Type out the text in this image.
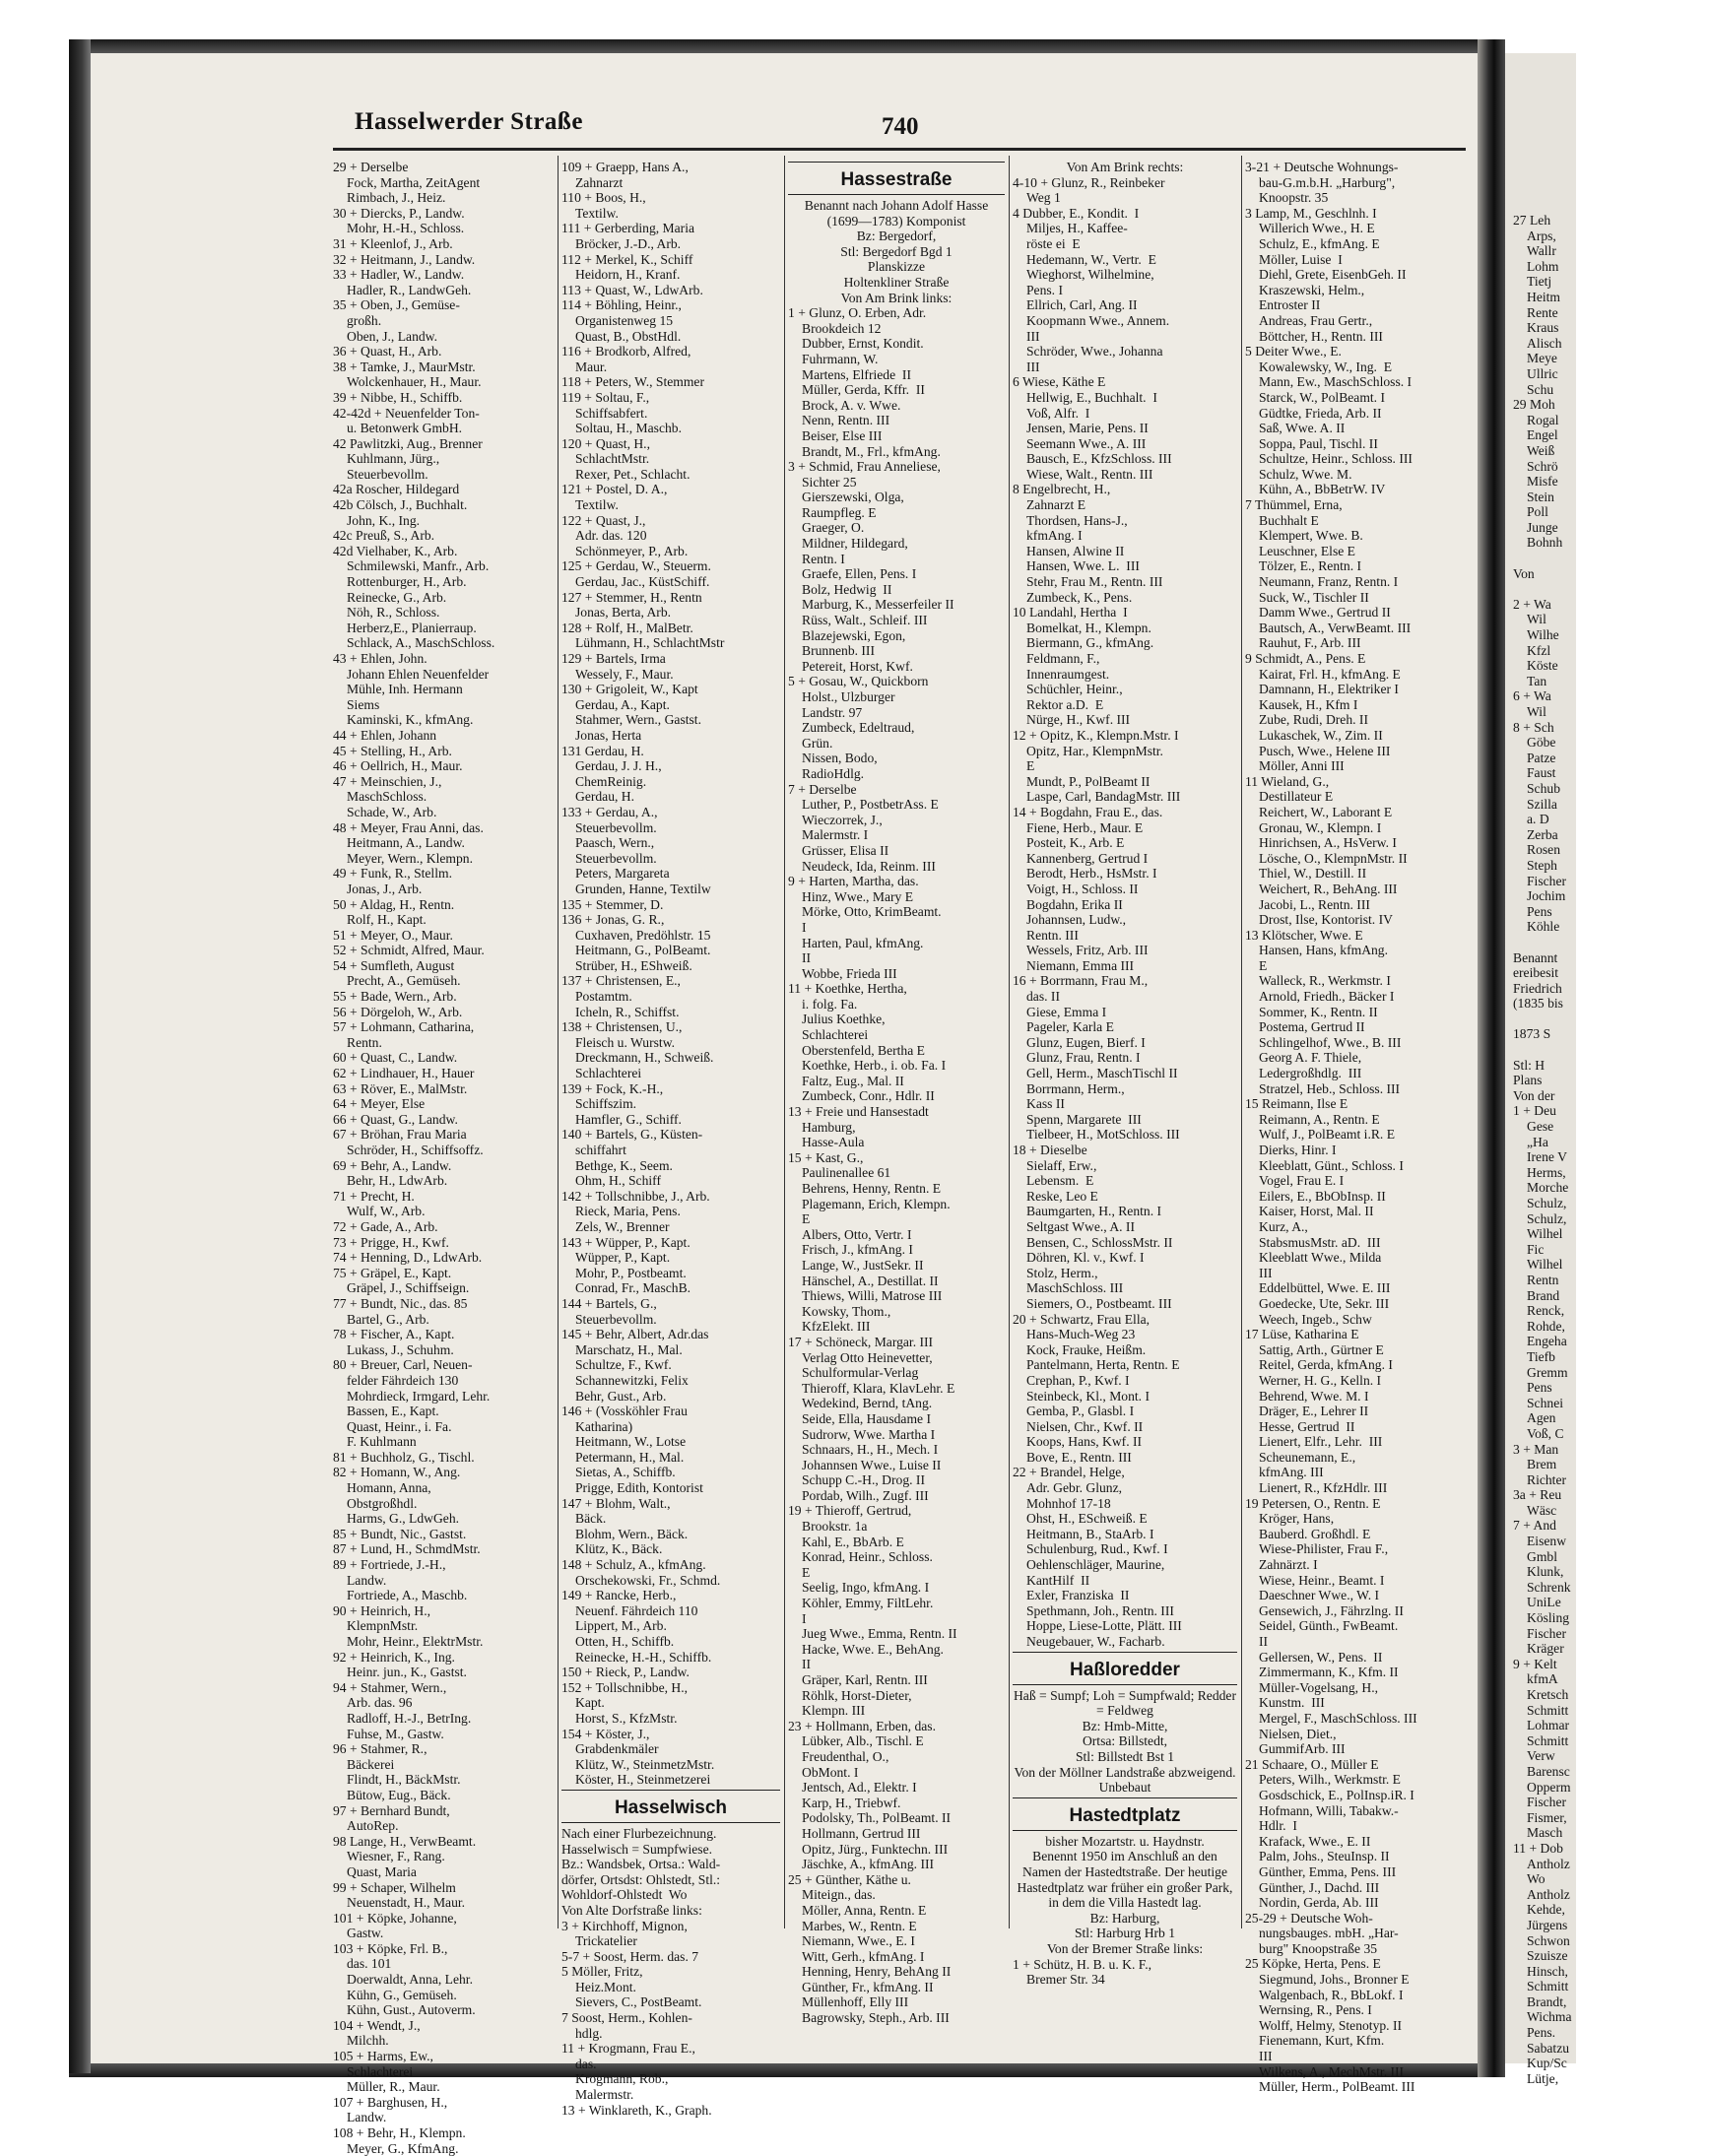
27 Leh
Arps,
Wallr
Lohm
Tietj
Heitm
Rente
Kraus
Alisch
Meye
Ullric
Schu
29 Moh
Rogal
Engel
Weiß
Schrö
Misfe
Stein
Poll
Junge
Bohnh

Von

2 + Wa
Wil
Wilhe
Kfzl
Köste
Tan
6 + Wa
Wil
8 + Sch
Göbe
Patze
Faust
Schub
Szilla
a. D
Zerba
Rosen
Steph
Fischer
Jochim
Pens
Köhle

Benannt
ereibesit
Friedrich
(1835 bis

1873 S

Stl: H
Plans
Von der
1 + Deu
Gese
„Ha
Irene V
Herms,
Morche
Schulz,
Schulz,
Wilhel
Fic
Wilhel
Rentn
Brand
Renck,
Rohde,
Engeha
Tiefb
Gremm
Pens
Schnei
Agen
Voß, C
3 + Man
Brem
Richter
3a + Reu
Wäsc
7 + And
Eisenw
Gmbl
Klunk,
Schrenk
UniLe
Kösling
Fischer
Kräger
9 + Kelt
kfmA
Kretsch
Schmitt
Lohmar
Schmitt
Verw
Barensc
Opperm
Fischer
Fismer,
Masch
11 + Dob
Antholz
Wo
Antholz
Kehde,
Jürgens
Schwon
Szuisze
Hinsch,
Schmitt
Brandt,
Wichma
Pens.
Sabatzu
Kup/Sc
Lütje,
Hasselwerder Straße	740
29 + Derselbe
Fock, Martha, ZeitAgent
Rimbach, J., Heiz.
30 + Diercks, P., Landw.
Mohr, H.-H., Schloss.
31 + Kleenlof, J., Arb.
32 + Heitmann, J., Landw.
33 + Hadler, W., Landw.
Hadler, R., LandwGeh.
35 + Oben, J., Gemüse-
großh.
Oben, J., Landw.
36 + Quast, H., Arb.
38 + Tamke, J., MaurMstr.
Wolckenhauer, H., Maur.
39 + Nibbe, H., Schiffb.
42-42d + Neuenfelder Ton-
u. Betonwerk GmbH.
42 Pawlitzki, Aug., Brenner
Kuhlmann, Jürg.,
Steuerbevollm.
42a Roscher, Hildegard
42b Cölsch, J., Buchhalt.
John, K., Ing.
42c Preuß, S., Arb.
42d Vielhaber, K., Arb.
Schmilewski, Manfr., Arb.
Rottenburger, H., Arb.
Reinecke, G., Arb.
Nöh, R., Schloss.
Herberz,E., Planierraup.
Schlack, A., MaschSchloss.
43 + Ehlen, John.
Johann Ehlen Neuenfelder
Mühle, Inh. Hermann
Siems
Kaminski, K., kfmAng.
44 + Ehlen, Johann
45 + Stelling, H., Arb.
46 + Oellrich, H., Maur.
47 + Meinschien, J.,
MaschSchloss.
Schade, W., Arb.
48 + Meyer, Frau Anni, das.
Heitmann, A., Landw.
Meyer, Wern., Klempn.
49 + Funk, R., Stellm.
Jonas, J., Arb.
50 + Aldag, H., Rentn.
Rolf, H., Kapt.
51 + Meyer, O., Maur.
52 + Schmidt, Alfred, Maur.
54 + Sumfleth, August
Precht, A., Gemüseh.
55 + Bade, Wern., Arb.
56 + Dörgeloh, W., Arb.
57 + Lohmann, Catharina,
Rentn.
60 + Quast, C., Landw.
62 + Lindhauer, H., Hauer
63 + Röver, E., MalMstr.
64 + Meyer, Else
66 + Quast, G., Landw.
67 + Bröhan, Frau Maria
Schröder, H., Schiffsoffz.
69 + Behr, A., Landw.
Behr, H., LdwArb.
71 + Precht, H.
Wulf, W., Arb.
72 + Gade, A., Arb.
73 + Prigge, H., Kwf.
74 + Henning, D., LdwArb.
75 + Gräpel, E., Kapt.
Gräpel, J., Schiffseign.
77 + Bundt, Nic., das. 85
Bartel, G., Arb.
78 + Fischer, A., Kapt.
Lukass, J., Schuhm.
80 + Breuer, Carl, Neuen-
felder Fährdeich 130
Mohrdieck, Irmgard, Lehr.
Bassen, E., Kapt.
Quast, Heinr., i. Fa.
F. Kuhlmann
81 + Buchholz, G., Tischl.
82 + Homann, W., Ang.
Homann, Anna,
Obstgroßhdl.
Harms, G., LdwGeh.
85 + Bundt, Nic., Gastst.
87 + Lund, H., SchmdMstr.
89 + Fortriede, J.-H.,
Landw.
Fortriede, A., Maschb.
90 + Heinrich, H.,
KlempnMstr.
Mohr, Heinr., ElektrMstr.
92 + Heinrich, K., Ing.
Heinr. jun., K., Gastst.
94 + Stahmer, Wern.,
Arb. das. 96
Radloff, H.-J., BetrIng.
Fuhse, M., Gastw.
96 + Stahmer, R.,
Bäckerei
Flindt, H., BäckMstr.
Bütow, Eug., Bäck.
97 + Bernhard Bundt,
AutoRep.
98 Lange, H., VerwBeamt.
Wiesner, F., Rang.
Quast, Maria
99 + Schaper, Wilhelm
Neuenstadt, H., Maur.
101 + Köpke, Johanne,
Gastw.
103 + Köpke, Frl. B.,
das. 101
Doerwaldt, Anna, Lehr.
Kühn, G., Gemüseh.
Kühn, Gust., Autoverm.
104 + Wendt, J.,
Milchh.
105 + Harms, Ew.,
Schlachterei
Müller, R., Maur.
107 + Barghusen, H.,
Landw.
108 + Behr, H., Klempn.
Meyer, G., KfmAng.
109 + Graepp, Hans A.,
Zahnarzt
110 + Boos, H.,
Textilw.
111 + Gerberding, Maria
Bröcker, J.-D., Arb.
112 + Merkel, K., Schiff
Heidorn, H., Kranf.
113 + Quast, W., LdwArb.
114 + Böhling, Heinr.,
Organistenweg 15
Quast, B., ObstHdl.
116 + Brodkorb, Alfred,
Maur.
118 + Peters, W., Stemmer
119 + Soltau, F.,
Schiffsabfert.
Soltau, H., Maschb.
120 + Quast, H.,
SchlachtMstr.
Rexer, Pet., Schlacht.
121 + Postel, D. A.,
Textilw.
122 + Quast, J.,
Adr. das. 120
Schönmeyer, P., Arb.
125 + Gerdau, W., Steuerm.
Gerdau, Jac., KüstSchiff.
127 + Stemmer, H., Rentn
Jonas, Berta, Arb.
128 + Rolf, H., MalBetr.
Lühmann, H., SchlachtMstr
129 + Bartels, Irma
Wessely, F., Maur.
130 + Grigoleit, W., Kapt
Gerdau, A., Kapt.
Stahmer, Wern., Gastst.
Jonas, Herta
131 Gerdau, H.
Gerdau, J. J. H.,
ChemReinig.
Gerdau, H.
133 + Gerdau, A.,
Steuerbevollm.
Paasch, Wern.,
Steuerbevollm.
Peters, Margareta
Grunden, Hanne, Textilw
135 + Stemmer, D.
136 + Jonas, G. R.,
Cuxhaven, Predöhlstr. 15
Heitmann, G., PolBeamt.
Strüber, H., EShweiß.
137 + Christensen, E.,
Postamtm.
Icheln, R., Schiffst.
138 + Christensen, U.,
Fleisch u. Wurstw.
Dreckmann, H., Schweiß.
Schlachterei
139 + Fock, K.-H.,
Schiffszim.
Hamfler, G., Schiff.
140 + Bartels, G., Küsten-
schiffahrt
Bethge, K., Seem.
Ohm, H., Schiff
142 + Tollschnibbe, J., Arb.
Rieck, Maria, Pens.
Zels, W., Brenner
143 + Wüpper, P., Kapt.
Wüpper, P., Kapt.
Mohr, P., Postbeamt.
Conrad, Fr., MaschB.
144 + Bartels, G.,
Steuerbevollm.
145 + Behr, Albert, Adr.das
Marschatz, H., Mal.
Schultze, F., Kwf.
Schannewitzki, Felix
Behr, Gust., Arb.
146 + (Vossköhler Frau
Katharina)
Heitmann, W., Lotse
Petermann, H., Mal.
Sietas, A., Schiffb.
Prigge, Edith, Kontorist
147 + Blohm, Walt.,
Bäck.
Blohm, Wern., Bäck.
Klütz, K., Bäck.
148 + Schulz, A., kfmAng.
Orschekowski, Fr., Schmd.
149 + Rancke, Herb.,
Neuenf. Fährdeich 110
Lippert, M., Arb.
Otten, H., Schiffb.
Reinecke, H.-H., Schiffb.
150 + Rieck, P., Landw.
152 + Tollschnibbe, H.,
Kapt.
Horst, S., KfzMstr.
154 + Köster, J.,
Grabdenkmäler
Klütz, W., SteinmetzMstr.
Köster, H., Steinmetzerei
Hasselwisch
Nach einer Flurbezeichnung.
Hasselwisch = Sumpfwiese.
Bz.: Wandsbek, Ortsa.: Wald-
dörfer, Ortsdst: Ohlstedt, Stl.:
Wohldorf-Ohlstedt  Wo
Von Alte Dorfstraße links:
3 + Kirchhoff, Mignon,
Trickatelier
5-7 + Soost, Herm. das. 7
5 Möller, Fritz,
Heiz.Mont.
Sievers, C., PostBeamt.
7 Soost, Herm., Kohlen-
hdlg.
11 + Krogmann, Frau E.,
das.
Krogmann, Rob.,
Malermstr.
13 + Winklareth, K., Graph.
Hassestraße
Benannt nach Johann Adolf Hasse (1699—1783) Komponist
Bz: Bergedorf,
Stl: Bergedorf Bgd 1
Planskizze
Holtenkliner Straße
Von Am Brink links:
1 + Glunz, O. Erben, Adr.
Brookdeich 12
Dubber, Ernst, Kondit.
Fuhrmann, W.
Martens, Elfriede  II
Müller, Gerda, Kffr.  II
Brock, A. v. Wwe.
Nenn, Rentn. III
Beiser, Else III
Brandt, M., Frl., kfmAng.
3 + Schmid, Frau Anneliese,
Sichter 25
Gierszewski, Olga,
Raumpfleg. E
Graeger, O.
Mildner, Hildegard,
Rentn. I
Graefe, Ellen, Pens. I
Bolz, Hedwig  II
Marburg, K., Messerfeiler II
Rüss, Walt., Schleif. III
Blazejewski, Egon,
Brunnenb. III
Petereit, Horst, Kwf.
5 + Gosau, W., Quickborn
Holst., Ulzburger
Landstr. 97
Zumbeck, Edeltraud,
Grün.
Nissen, Bodo,
RadioHdlg.
7 + Derselbe
Luther, P., PostbetrAss. E
Wieczorrek, J.,
Malermstr. I
Grüsser, Elisa II
Neudeck, Ida, Reinm. III
9 + Harten, Martha, das.
Hinz, Wwe., Mary E
Mörke, Otto, KrimBeamt.
I
Harten, Paul, kfmAng.
II
Wobbe, Frieda III
11 + Koethke, Hertha,
i. folg. Fa.
Julius Koethke,
Schlachterei
Oberstenfeld, Bertha E
Koethke, Herb., i. ob. Fa. I
Faltz, Eug., Mal. II
Zumbeck, Conr., Hdlr. II
13 + Freie und Hansestadt
Hamburg,
Hasse-Aula
15 + Kast, G.,
Paulinenallee 61
Behrens, Henny, Rentn. E
Plagemann, Erich, Klempn.
E
Albers, Otto, Vertr. I
Frisch, J., kfmAng. I
Lange, W., JustSekr. II
Hänschel, A., Destillat. II
Thiews, Willi, Matrose III
Kowsky, Thom.,
KfzElekt. III
17 + Schöneck, Margar. III
Verlag Otto Heinevetter,
Schulformular-Verlag
Thieroff, Klara, KlavLehr. E
Wedekind, Bernd, tAng.
Seide, Ella, Hausdame I
Sudrorw, Wwe. Martha I
Schnaars, H., H., Mech. I
Johannsen Wwe., Luise II
Schupp C.-H., Drog. II
Pordab, Wilh., Zugf. III
19 + Thieroff, Gertrud,
Brookstr. 1a
Kahl, E., BbArb. E
Konrad, Heinr., Schloss.
E
Seelig, Ingo, kfmAng. I
Köhler, Emmy, FiltLehr.
I
Jueg Wwe., Emma, Rentn. II
Hacke, Wwe. E., BehAng.
II
Gräper, Karl, Rentn. III
Röhlk, Horst-Dieter,
Klempn. III
23 + Hollmann, Erben, das.
Lübker, Alb., Tischl. E
Freudenthal, O.,
ObMont. I
Jentsch, Ad., Elektr. I
Karp, H., Triebwf.
Podolsky, Th., PolBeamt. II
Hollmann, Gertrud III
Opitz, Jürg., Funktechn. III
Jäschke, A., kfmAng. III
25 + Günther, Käthe u.
Miteign., das.
Möller, Anna, Rentn. E
Marbes, W., Rentn. E
Niemann, Wwe., E. I
Witt, Gerh., kfmAng. I
Henning, Henry, BehAng II
Günther, Fr., kfmAng. II
Müllenhoff, Elly III
Bagrowsky, Steph., Arb. III
Von Am Brink rechts:
4-10 + Glunz, R., Reinbeker
Weg 1
4 Dubber, E., Kondit.  I
Miljes, H., Kaffee-
röste ei  E
Hedemann, W., Vertr.  E
Wieghorst, Wilhelmine,
Pens. I
Ellrich, Carl, Ang. II
Koopmann Wwe., Annem.
III
Schröder, Wwe., Johanna
III
6 Wiese, Käthe E
Hellwig, E., Buchhalt.  I
Voß, Alfr.  I
Jensen, Marie, Pens. II
Seemann Wwe., A. III
Bausch, E., KfzSchloss. III
Wiese, Walt., Rentn. III
8 Engelbrecht, H.,
Zahnarzt E
Thordsen, Hans-J.,
kfmAng. I
Hansen, Alwine II
Hansen, Wwe. L.  III
Stehr, Frau M., Rentn. III
Zumbeck, K., Pens.
10 Landahl, Hertha  I
Bomelkat, H., Klempn.
Biermann, G., kfmAng.
Feldmann, F.,
Innenraumgest.
Schüchler, Heinr.,
Rektor a.D.  E
Nürge, H., Kwf. III
12 + Opitz, K., Klempn.Mstr. I
Opitz, Har., KlempnMstr.
E
Mundt, P., PolBeamt II
Laspe, Carl, BandagMstr. III
14 + Bogdahn, Frau E., das.
Fiene, Herb., Maur. E
Posteit, K., Arb. E
Kannenberg, Gertrud I
Berodt, Herb., HsMstr. I
Voigt, H., Schloss. II
Bogdahn, Erika II
Johannsen, Ludw.,
Rentn. III
Wessels, Fritz, Arb. III
Niemann, Emma III
16 + Borrmann, Frau M.,
das. II
Giese, Emma I
Pageler, Karla E
Glunz, Eugen, Bierf. I
Glunz, Frau, Rentn. I
Gell, Herm., MaschTischl II
Borrmann, Herm.,
Kass II
Spenn, Margarete  III
Tielbeer, H., MotSchloss. III
18 + Dieselbe
Sielaff, Erw.,
Lebensm.  E
Reske, Leo E
Baumgarten, H., Rentn. I
Seltgast Wwe., A. II
Bensen, C., SchlossMstr. II
Döhren, Kl. v., Kwf. I
Stolz, Herm.,
MaschSchloss. III
Siemers, O., Postbeamt. III
20 + Schwartz, Frau Ella,
Hans-Much-Weg 23
Kock, Frauke, Heißm.
Pantelmann, Herta, Rentn. E
Crephan, P., Kwf. I
Steinbeck, Kl., Mont. I
Gemba, P., Glasbl. I
Nielsen, Chr., Kwf. II
Koops, Hans, Kwf. II
Bove, E., Rentn. III
22 + Brandel, Helge,
Adr. Gebr. Glunz,
Mohnhof 17-18
Ohst, H., ESchweiß. E
Heitmann, B., StaArb. I
Schulenburg, Rud., Kwf. I
Oehlenschläger, Maurine,
KantHilf  II
Exler, Franziska  II
Spethmann, Joh., Rentn. III
Hoppe, Liese-Lotte, Plätt. III
Neugebauer, W., Facharb.
Haßloredder
Haß = Sumpf; Loh = Sumpfwald; Redder = Feldweg
Bz: Hmb-Mitte,
Ortsa: Billstedt,
Stl: Billstedt Bst 1
Von der Möllner Landstraße abzweigend. Unbebaut
Hastedtplatz
bisher Mozartstr. u. Haydnstr.
Benennt 1950 im Anschluß an den Namen der Hastedtstraße. Der heutige Hastedtplatz war früher ein großer Park, in dem die Villa Hastedt lag.
Bz: Harburg,
Stl: Harburg Hrb 1
Von der Bremer Straße links:
1 + Schütz, H. B. u. K. F.,
Bremer Str. 34
3-21 + Deutsche Wohnungs-
bau-G.m.b.H. „Harburg",
Knoopstr. 35
3 Lamp, M., Geschlnh. I
Willerich Wwe., H. E
Schulz, E., kfmAng. E
Möller, Luise  I
Diehl, Grete, EisenbGeh. II
Kraszewski, Helm.,
Entroster II
Andreas, Frau Gertr.,
Böttcher, H., Rentn. III
5 Deiter Wwe., E.
Kowalewsky, W., Ing.  E
Mann, Ew., MaschSchloss. I
Starck, W., PolBeamt. I
Güdtke, Frieda, Arb. II
Saß, Wwe. A. II
Soppa, Paul, Tischl. II
Schultze, Heinr., Schloss. III
Schulz, Wwe. M.
Kühn, A., BbBetrW. IV
7 Thümmel, Erna,
Buchhalt E
Klempert, Wwe. B.
Leuschner, Else E
Tölzer, E., Rentn. I
Neumann, Franz, Rentn. I
Suck, W., Tischler II
Damm Wwe., Gertrud II
Bautsch, A., VerwBeamt. III
Rauhut, F., Arb. III
9 Schmidt, A., Pens. E
Kairat, Frl. H., kfmAng. E
Damnann, H., Elektriker I
Kausek, H., Kfm I
Zube, Rudi, Dreh. II
Lukaschek, W., Zim. II
Pusch, Wwe., Helene III
Möller, Anni III
11 Wieland, G.,
Destillateur E
Reichert, W., Laborant E
Gronau, W., Klempn. I
Hinrichsen, A., HsVerw. I
Lösche, O., KlempnMstr. II
Thiel, W., Destill. II
Weichert, R., BehAng. III
Jacobi, L., Rentn. III
Drost, Ilse, Kontorist. IV
13 Klötscher, Wwe. E
Hansen, Hans, kfmAng.
E
Walleck, R., Werkmstr. I
Arnold, Friedh., Bäcker I
Sommer, K., Rentn. II
Postema, Gertrud II
Schlingelhof, Wwe., B. III
Georg A. F. Thiele,
Ledergroßhdlg.  III
Stratzel, Heb., Schloss. III
15 Reimann, Ilse E
Reimann, A., Rentn. E
Wulf, J., PolBeamt i.R. E
Dierks, Hinr. I
Kleeblatt, Günt., Schloss. I
Vogel, Frau E. I
Eilers, E., BbObInsp. II
Kaiser, Horst, Mal. II
Kurz, A.,
StabsmusMstr. aD.  III
Kleeblatt Wwe., Milda
III
Eddelbüttel, Wwe. E. III
Goedecke, Ute, Sekr. III
Weech, Ingeb., Schw
17 Lüse, Katharina E
Sattig, Arth., Gürtner E
Reitel, Gerda, kfmAng. I
Werner, H. G., Kelln. I
Behrend, Wwe. M. I
Dräger, E., Lehrer II
Hesse, Gertrud  II
Lienert, Elfr., Lehr.  III
Scheunemann, E.,
kfmAng. III
Lienert, R., KfzHdlr. III
19 Petersen, O., Rentn. E
Kröger, Hans,
Bauberd. Großhdl. E
Wiese-Philister, Frau F.,
Zahnärzt. I
Wiese, Heinr., Beamt. I
Daeschner Wwe., W. I
Gensewich, J., Fährzlng. II
Seidel, Günth., FwBeamt.
II
Gellersen, W., Pens.  II
Zimmermann, K., Kfm. II
Müller-Vogelsang, H.,
Kunstm.  III
Mergel, F., MaschSchloss. III
Nielsen, Diet.,
GummifArb. III
21 Schaare, O., Müller E
Peters, Wilh., Werkmstr. E
Gosdschick, E., PolInsp.iR. I
Hofmann, Willi, Tabakw.-
Hdlr.  I
Krafack, Wwe., E. II
Palm, Johs., SteuInsp. II
Günther, Emma, Pens. III
Günther, J., Dachd. III
Nordin, Gerda, Ab. III
25-29 + Deutsche Woh-
nungsbauges. mbH. „Har-
burg" Knoopstraße 35
25 Köpke, Herta, Pens. E
Siegmund, Johs., Bronner E
Walgenbach, R., BbLokf. I
Wernsing, R., Pens. I
Wolff, Helmy, Stenotyp. II
Fienemann, Kurt, Kfm.
III
Wilkens, A., MechMstr. III
Müller, Herm., PolBeamt. III
